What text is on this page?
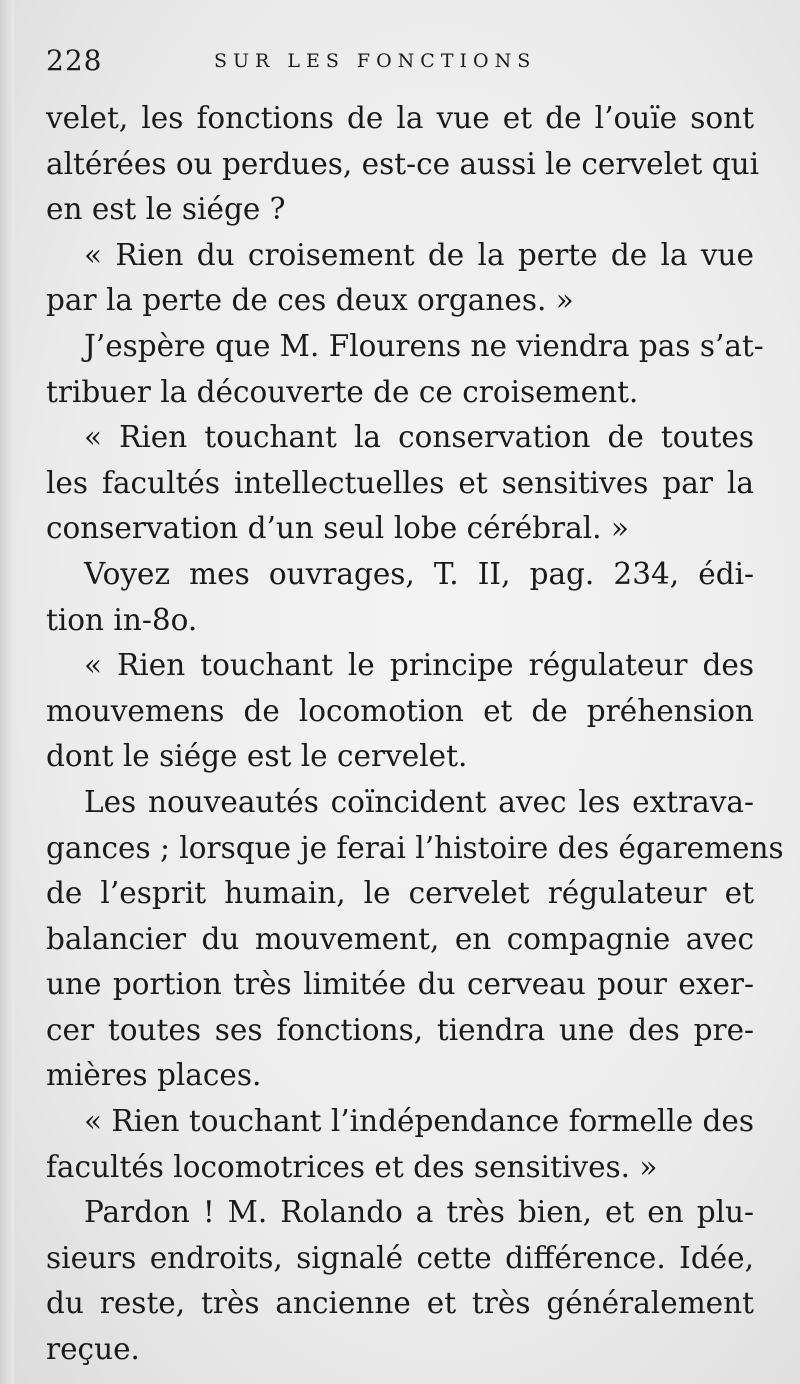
228	SUR LES FONCTIONS
velet, les fonctions de la vue et de l’ouïe sont
altérées ou perdues, est-ce aussi le cervelet qui
en est le siége ?
« Rien du croisement de la perte de la vue
par la perte de ces deux organes. »
J’espère que M. Flourens ne viendra pas s’at-
tribuer la découverte de ce croisement.
« Rien touchant la conservation de toutes
les facultés intellectuelles et sensitives par la
conservation d’un seul lobe cérébral. »
Voyez mes ouvrages, T. II, pag. 234, édi-
tion in-8o.
« Rien touchant le principe régulateur des
mouvemens de locomotion et de préhension
dont le siége est le cervelet.
Les nouveautés coïncident avec les extrava-
gances ; lorsque je ferai l’histoire des égaremens
de l’esprit humain, le cervelet régulateur et
balancier du mouvement, en compagnie avec
une portion très limitée du cerveau pour exer-
cer toutes ses fonctions, tiendra une des pre-
mières places.
« Rien touchant l’indépendance formelle des
facultés locomotrices et des sensitives. »
Pardon ! M. Rolando a très bien, et en plu-
sieurs endroits, signalé cette différence. Idée,
du reste, très ancienne et très généralement
reçue.
